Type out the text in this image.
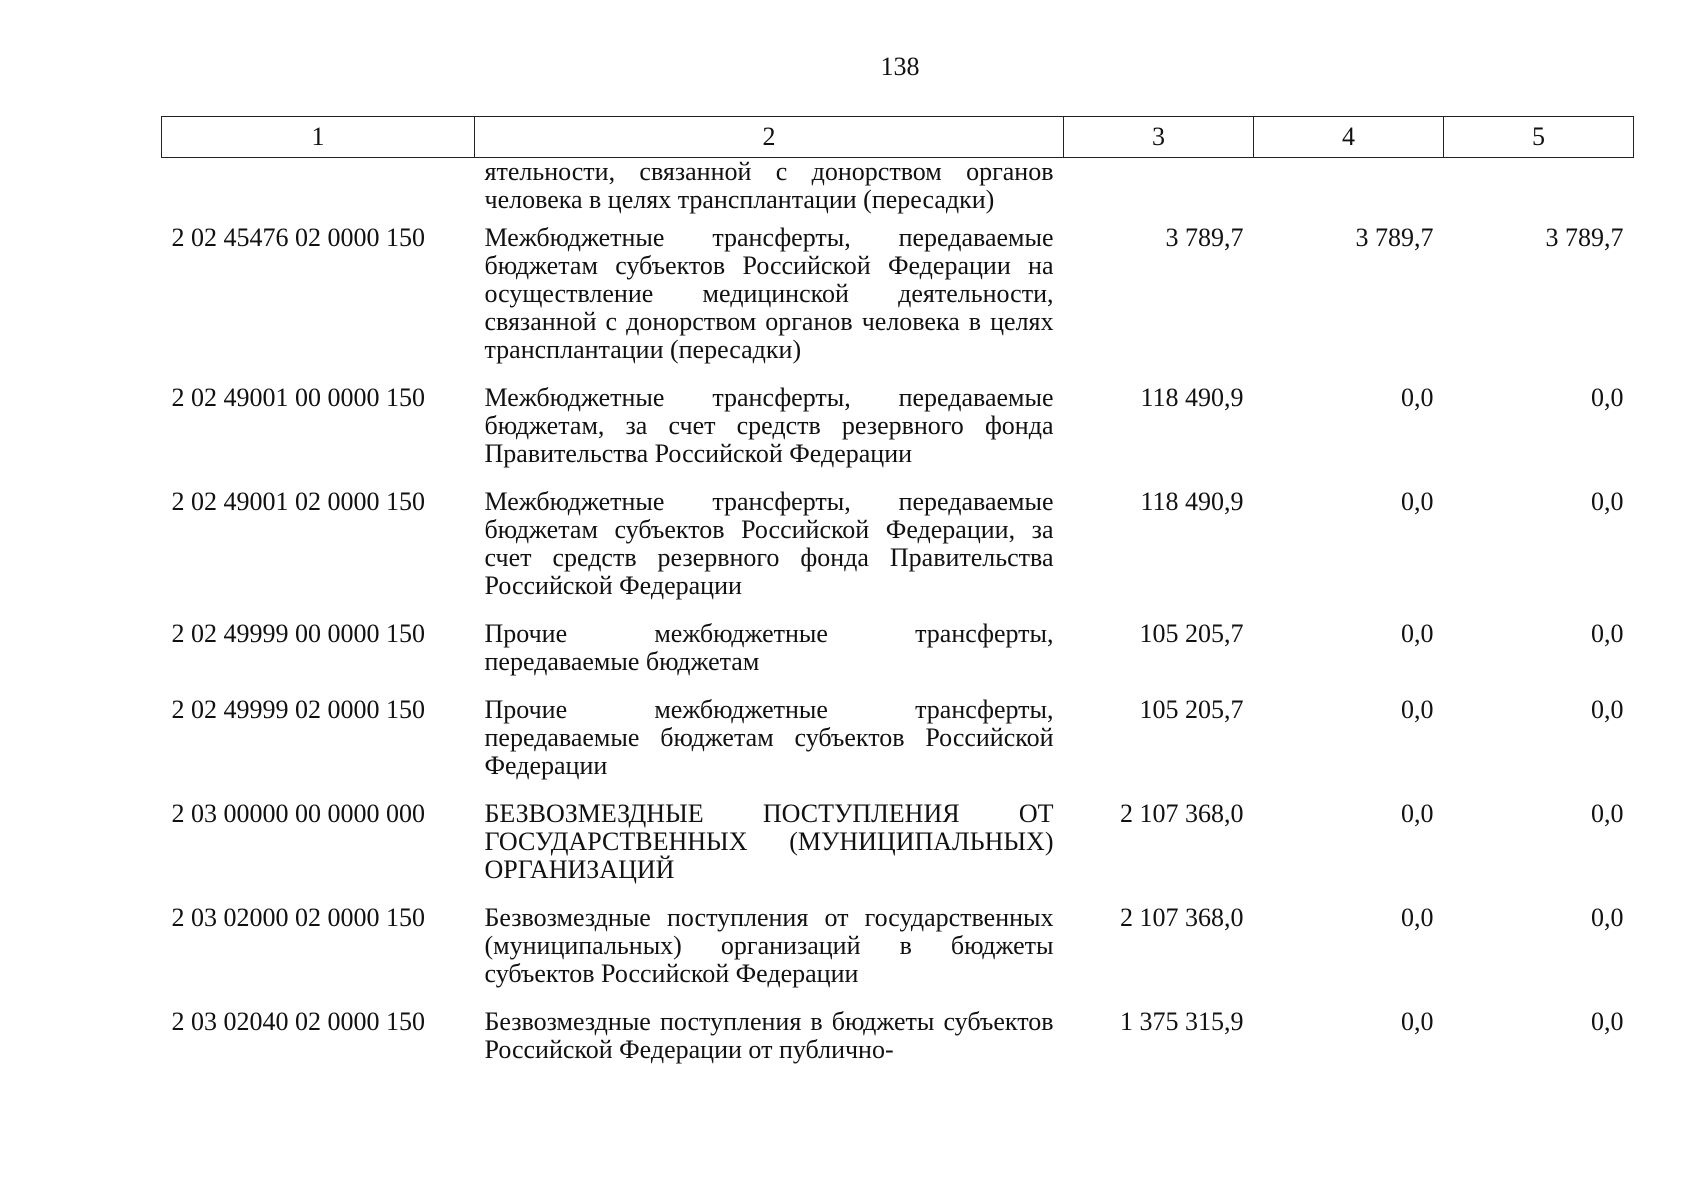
138
1	2	3	4	5
	ятельности, связанной с донорством органов человека в целях трансплантации (пересадки)			
2 02 45476 02 0000 150	Межбюджетные трансферты, передаваемые бюджетам субъектов Российской Федерации на осуществление медицинской деятельности, связанной с донорством органов человека в целях трансплантации (пересадки)	3 789,7	3 789,7	3 789,7
2 02 49001 00 0000 150	Межбюджетные трансферты, передаваемые бюджетам, за счет средств резервного фонда Правительства Российской Федерации	118 490,9	0,0	0,0
2 02 49001 02 0000 150	Межбюджетные трансферты, передаваемые бюджетам субъектов Российской Федерации, за счет средств резервного фонда Правительства Российской Федерации	118 490,9	0,0	0,0
2 02 49999 00 0000 150	Прочие межбюджетные трансферты, передаваемые бюджетам	105 205,7	0,0	0,0
2 02 49999 02 0000 150	Прочие межбюджетные трансферты, передаваемые бюджетам субъектов Российской Федерации	105 205,7	0,0	0,0
2 03 00000 00 0000 000	БЕЗВОЗМЕЗДНЫЕ ПОСТУПЛЕНИЯ ОТ ГОСУДАРСТВЕННЫХ (МУНИЦИПАЛЬНЫХ) ОРГАНИЗАЦИЙ	2 107 368,0	0,0	0,0
2 03 02000 02 0000 150	Безвозмездные поступления от государственных (муниципальных) организаций в бюджеты субъектов Российской Федерации	2 107 368,0	0,0	0,0
2 03 02040 02 0000 150	Безвозмездные поступления в бюджеты субъектов Российской Федерации от публично-	1 375 315,9	0,0	0,0
